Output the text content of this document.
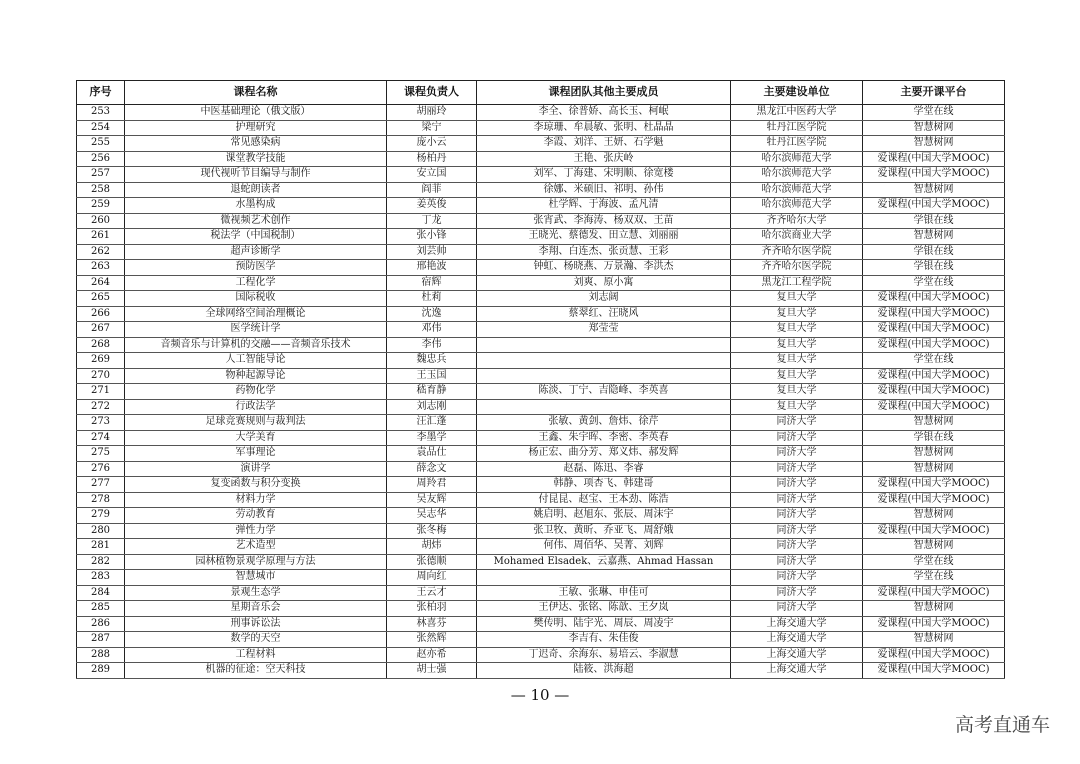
序号	课程名称	课程负责人	课程团队其他主要成员	主要建设单位	主要开课平台
253	中医基础理论（俄文版）	胡丽玲	李全、徐普娇、高长玉、柯岷	黑龙江中医药大学	学堂在线
254	护理研究	梁宁	李琼珊、牟晨敏、张明、杜晶晶	牡丹江医学院	智慧树网
255	常见感染病	庞小云	李霞、刘洋、王妍、石学魁	牡丹江医学院	智慧树网
256	课堂教学技能	杨柏丹	王艳、张庆岭	哈尔滨师范大学	爱课程(中国大学MOOC)
257	现代视听节目编导与制作	安立国	刘军、丁海建、宋明顺、徐宽楼	哈尔滨师范大学	爱课程(中国大学MOOC)
258	退蛇朗读者	阎菲	徐娜、米硕旧、祁明、孙伟	哈尔滨师范大学	智慧树网
259	水墨构成	姜英俊	杜学辉、于海波、孟凡清	哈尔滨师范大学	爱课程(中国大学MOOC)
260	微视频艺术创作	丁龙	张宵武、李海涛、杨双双、王苗	齐齐哈尔大学	学银在线
261	税法学（中国税制）	张小锋	王晓光、蔡德发、田立慧、刘丽丽	哈尔滨商业大学	智慧树网
262	超声诊断学	刘芸帅	李翔、白连杰、张贡慧、王彩	齐齐哈尔医学院	学银在线
263	预防医学	邢艳波	钟虹、杨晓燕、万景瀚、李洪杰	齐齐哈尔医学院	学银在线
264	工程化学	宿辉	刘爽、原小寓	黑龙江工程学院	学堂在线
265	国际税收	杜莉	刘志阔	复旦大学	爱课程(中国大学MOOC)
266	全球网络空间治理概论	沈逸	蔡翠红、汪晓风	复旦大学	爱课程(中国大学MOOC)
267	医学统计学	邓伟	郑莹莹	复旦大学	爱课程(中国大学MOOC)
268	音频音乐与计算机的交融——音频音乐技术	李伟		复旦大学	爱课程(中国大学MOOC)
269	人工智能导论	魏忠兵		复旦大学	学堂在线
270	物种起源导论	王玉国		复旦大学	爱课程(中国大学MOOC)
271	药物化学	嵇育静	陈淡、丁宁、吉隐峰、李英喜	复旦大学	爱课程(中国大学MOOC)
272	行政法学	刘志刚		复旦大学	爱课程(中国大学MOOC)
273	足球竞赛规则与裁判法	汪汇蓬	张敏、黄剑、詹炜、徐芹	同济大学	智慧树网
274	大学美育	李墨学	王鑫、朱宇晖、李密、李英春	同济大学	学银在线
275	军事理论	袁品仕	杨正宏、曲分芳、郑义炜、郝发辉	同济大学	智慧树网
276	演讲学	薛念文	赵磊、陈迅、李睿	同济大学	智慧树网
277	复变函数与积分变换	周羚君	韩静、项杏飞、韩建哥	同济大学	爱课程(中国大学MOOC)
278	材料力学	吴友辉	付昆昆、赵宝、王本劲、陈浩	同济大学	爱课程(中国大学MOOC)
279	劳动教育	吴志华	姚启明、赵旭东、张辰、周沫宇	同济大学	智慧树网
280	弹性力学	张冬梅	张卫牧、黄昕、乔亚飞、周舒娥	同济大学	爱课程(中国大学MOOC)
281	艺术造型	胡炜	何伟、周佰华、吴菁、刘辉	同济大学	智慧树网
282	园林植物景观学原理与方法	张德顺	Mohamed Elsadek、云嘉燕、Ahmad Hassan	同济大学	学堂在线
283	智慧城市	周向红		同济大学	学堂在线
284	景观生态学	王云才	王敏、张琳、申佳可	同济大学	爱课程(中国大学MOOC)
285	星期音乐会	张柏羽	王伊达、张铭、陈歆、王夕岚	同济大学	智慧树网
286	刑事诉讼法	林喜芬	樊传明、陆宇光、周辰、周凌宇	上海交通大学	爱课程(中国大学MOOC)
287	数学的天空	张然辉	李吉有、朱佳俊	上海交通大学	智慧树网
288	工程材料	赵亦希	丁迟奇、余海东、易培云、李淑慧	上海交通大学	爱课程(中国大学MOOC)
289	机器的征途：空天科技	胡士强	陆筱、洪海超	上海交通大学	爱课程(中国大学MOOC)
— 10 —
高考直通车
